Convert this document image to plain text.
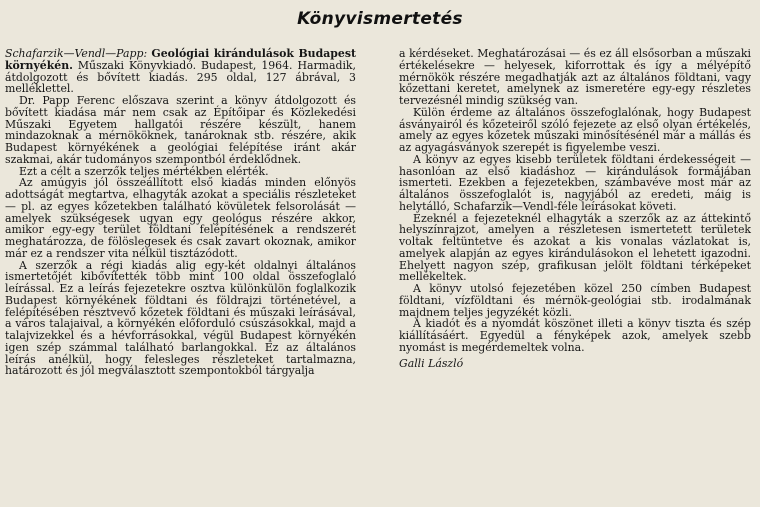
Könyvismertetés

Schafarzik—Vendl—Papp: Geológiai kirándulások Budapest környékén. Műszaki Könyvkiadó. Budapest, 1964. Harmadik, átdolgozott és bővített kiadás. 295 oldal, 127 ábrával, 3 melléklettel.

Dr. Papp Ferenc előszava szerint a könyv átdolgozott és bővített kiadása már nem csak az Építőipar és Közlekedési Műszaki Egyetem hallgatói részére készült, hanem mindazoknak a mérnököknek, tanároknak stb. részére, akik Budapest környékének a geológiai felépítése iránt akár szakmai, akár tudományos szempontból érdeklődnek.

Ezt a célt a szerzők teljes mértékben elérték.

Az amúgyis jól összeállított első kiadás minden előnyös adottságát megtartva, elhagyták azokat a speciális részleteket — pl. az egyes kőzetekben található kövületek felsorolását — amelyek szükségesek ugyan egy geológus részére akkor, amikor egy-egy terület földtani felépítésének a rendszerét meghatározza, de fölöslegesek és csak zavart okoznak, amikor már ez a rendszer vita nélkül tisztázódott.

A szerzők a régi kiadás alig egy-két oldalnyi általános ismertetőjét kibővítették több mint 100 oldal összefoglaló leírással. Ez a leírás fejezetekre osztva különkülön foglalkozik Budapest környékének földtani és földrajzi történetével, a felépítésében résztvevő kőzetek földtani és műszaki leírásával, a város talajaival, a környékén előforduló csúszásokkal, majd a talajvizekkel és a hévforrásokkal, végül Budapest környékén igen szép számmal található barlangokkal. Ez az általános leírás anélkül, hogy felesleges részleteket tartalmazna, határozott és jól megválasztott szempontokból tárgyalja

a kérdéseket. Meghatározásai — és ez áll elsősorban a műszaki értékelésekre — helyesek, kiforrottak és így a mélyépítő mérnökök részére megadhatják azt az általános földtani, vagy kőzettani keretet, amelynek az ismeretére egy-egy részletes tervezésnél mindig szükség van.

Külön érdeme az általános összefoglalónak, hogy Budapest ásványairól és kőzeteiről szóló fejezete az első olyan értékelés, amely az egyes kőzetek műszaki minősítésénél már a mállás és az agyagásványok szerepét is figyelembe veszi.

A könyv az egyes kisebb területek földtani érdekességeit — hasonlóan az első kiadáshoz — kirándulások formájában ismerteti. Ezekben a fejezetekben, számbavéve most már az általános összefoglalót is, nagyjából az eredeti, máig is helytálló, Schafarzik—Vendl-féle leírásokat követi.

Ezeknél a fejezeteknél elhagyták a szerzők az az áttekintő helyszínrajzot, amelyen a részletesen ismertetett területek voltak feltüntetve és azokat a kis vonalas vázlatokat is, amelyek alapján az egyes kirándulásokon el lehetett igazodni. Ehelyett nagyon szép, grafikusan jelölt földtani térképeket mellékeltek.

A könyv utolsó fejezetében közel 250 címben Budapest földtani, vízföldtani és mérnök-geológiai stb. irodalmának majdnem teljes jegyzékét közli.

A kiadót és a nyomdát köszönet illeti a könyv tiszta és szép kiállításáért. Egyedül a fényképek azok, amelyek szebb nyomást is megérdemeltek volna.

Galli László
